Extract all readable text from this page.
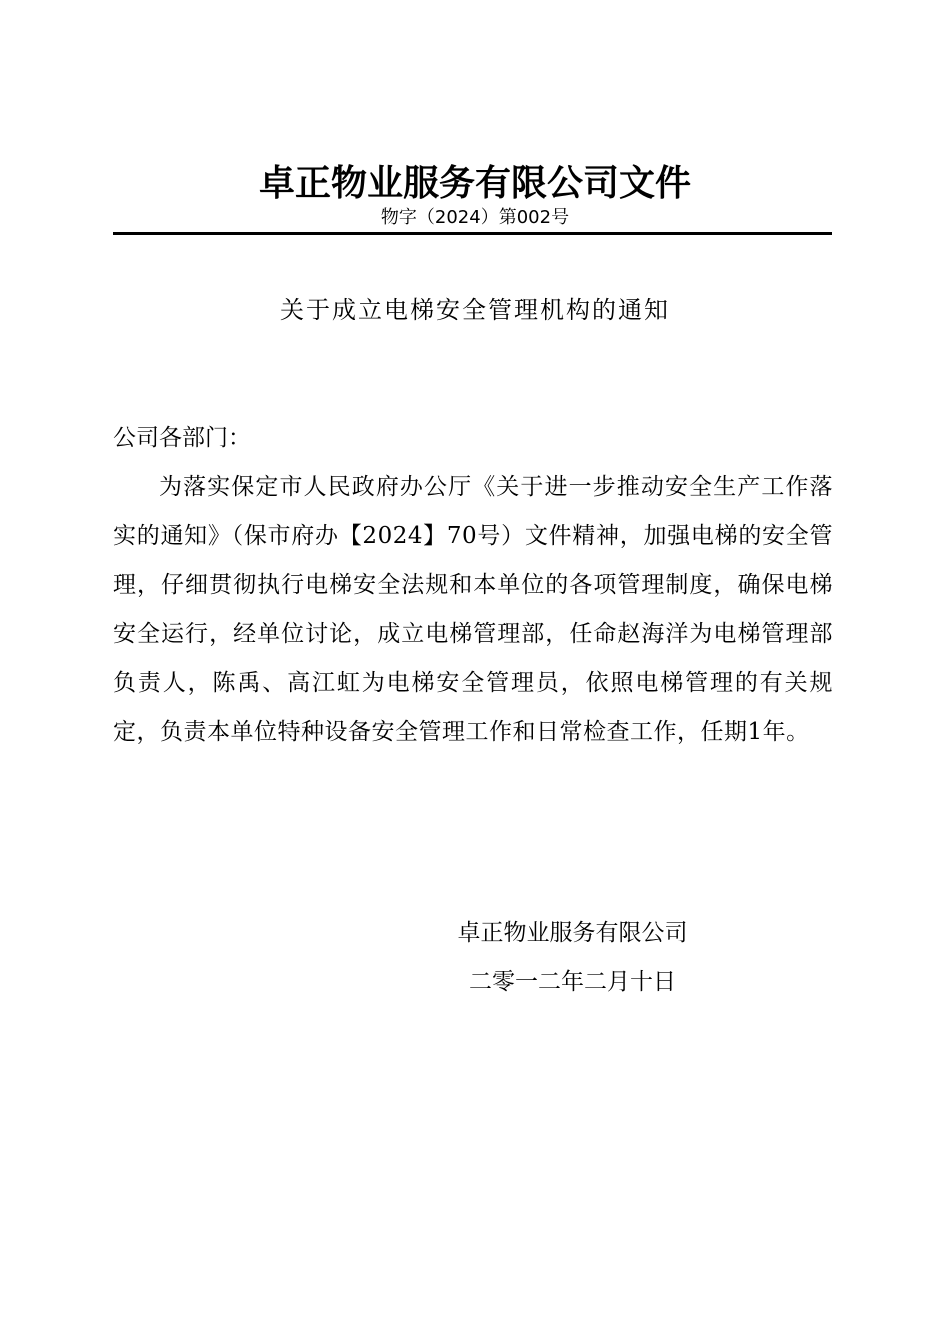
卓正物业服务有限公司文件
物字（2024）第002号
关于成立电梯安全管理机构的通知

公司各部门：

为落实保定市人民政府办公厅《关于进一步推动安全生产工作落实的通知》（保市府办【2024】70号）文件精神，加强电梯的安全管理，仔细贯彻执行电梯安全法规和本单位的各项管理制度，确保电梯安全运行，经单位讨论，成立电梯管理部，任命赵海洋为电梯管理部负责人，陈禹、高江虹为电梯安全管理员，依照电梯管理的有关规定，负责本单位特种设备安全管理工作和日常检查工作，任期1年。

卓正物业服务有限公司
二零一二年二月十日
